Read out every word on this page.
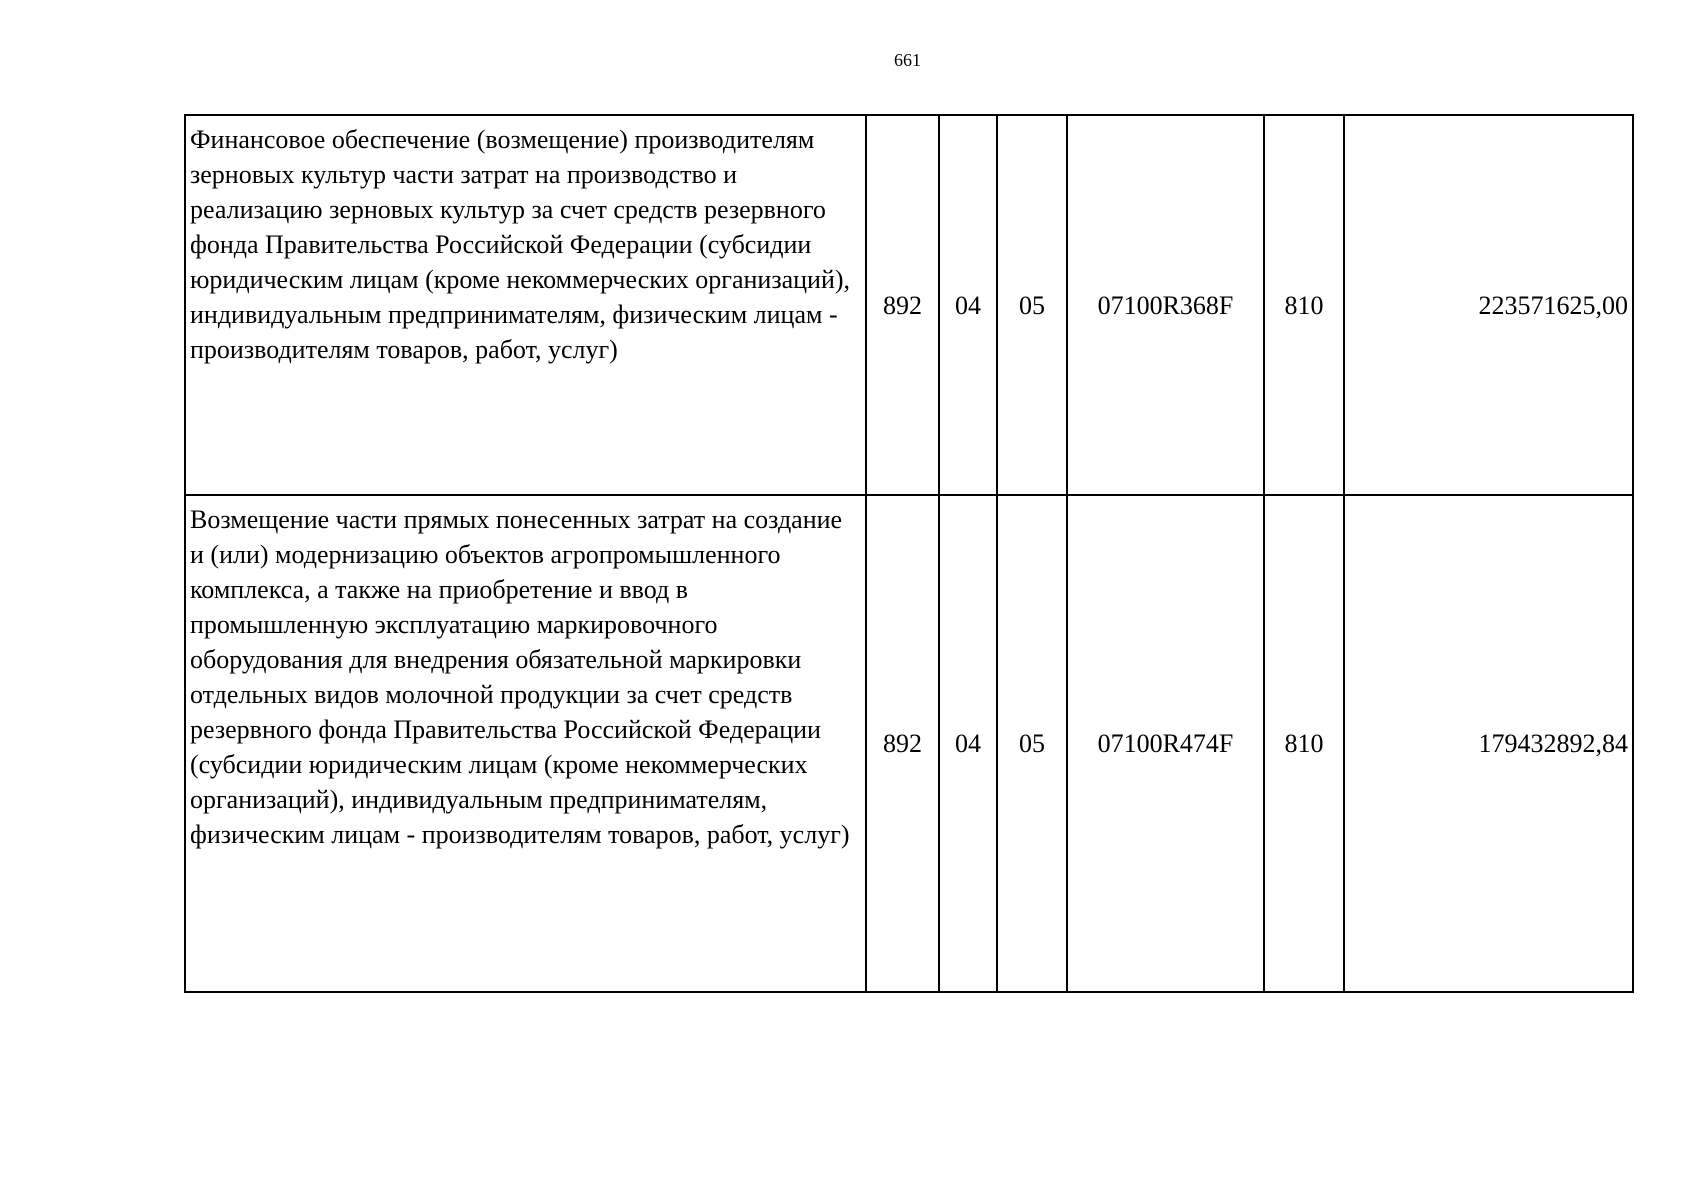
661
Финансовое обеспечение (возмещение) производителям зерновых культур части затрат на производство и реализацию зерновых культур за счет средств резервного фонда Правительства Российской Федерации (субсидии юридическим лицам (кроме некоммерческих организаций), индивидуальным предпринимателям, физическим лицам - производителям товаров, работ, услуг)	892	04	05	07100R368F	810	223571625,00
Возмещение части прямых понесенных затрат на создание и (или) модернизацию объектов агропромышленного комплекса, а также на приобретение и ввод в промышленную эксплуатацию маркировочного оборудования для внедрения обязательной маркировки отдельных видов молочной продукции за счет средств резервного фонда Правительства Российской Федерации (субсидии юридическим лицам (кроме некоммерческих организаций), индивидуальным предпринимателям, физическим лицам - производителям товаров, работ, услуг)	892	04	05	07100R474F	810	179432892,84
